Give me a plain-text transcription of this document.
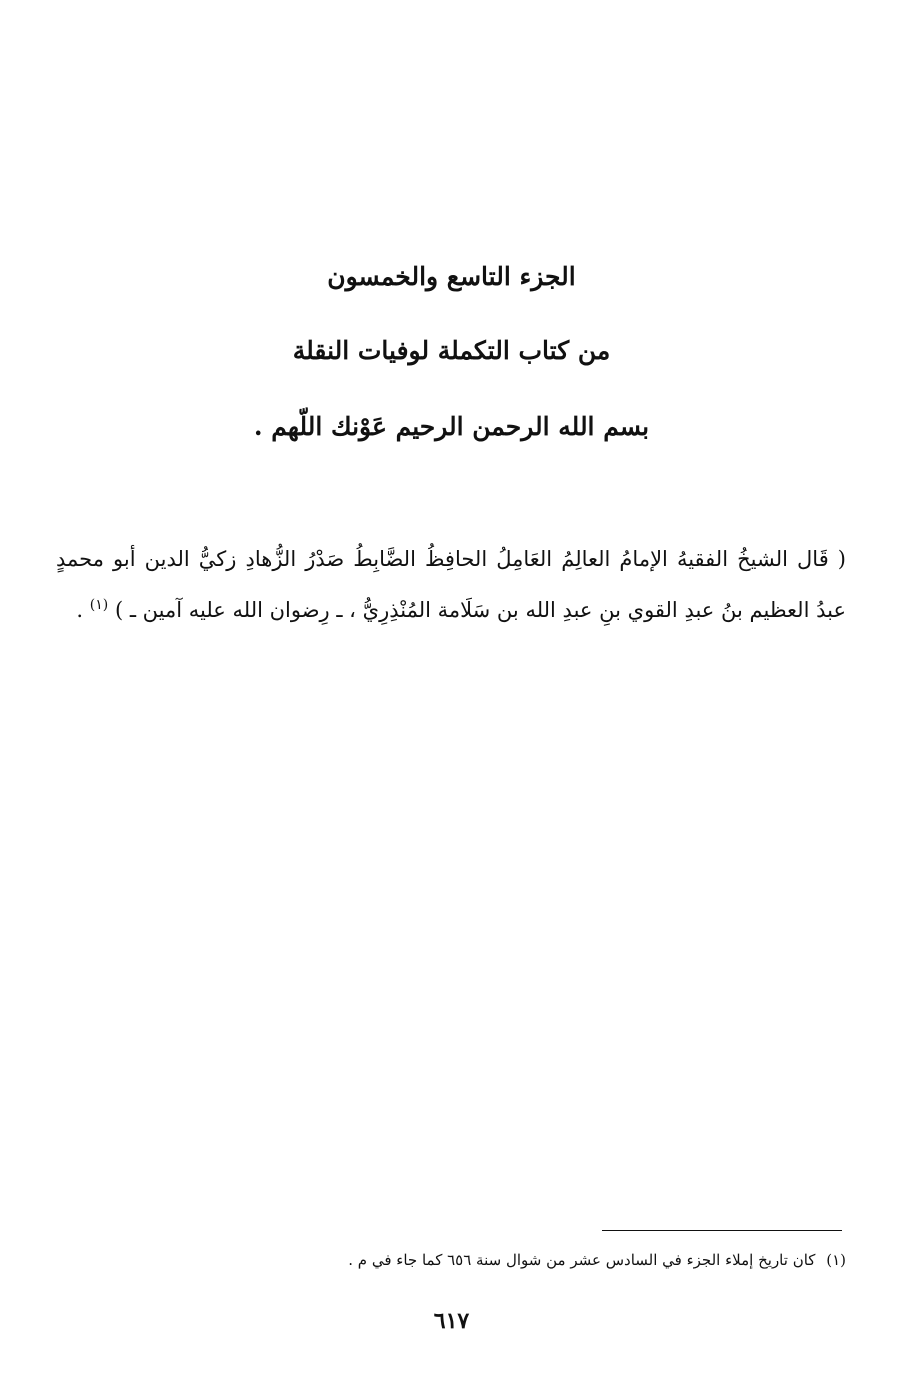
الجزء التاسع والخمسون
من كتاب التكملة لوفيات النقلة
بسم الله الرحمن الرحيم عَوْنك اللّهم .
( قَال الشيخُ الفقيهُ الإمامُ العالِمُ العَامِلُ الحافِظُ الضَّابِطُ صَدْرُ الزُّهادِ زكيُّ الدين أبو محمدٍ عبدُ العظيم بنُ عبدِ القوي بنِ عبدِ الله بن سَلَامة المُنْذِرِيُّ ، ـ رِضوان الله عليه آمين ـ ) $^{(١)}$ .
(١) كان تاريخ إملاء الجزء في السادس عشر من شوال سنة ٦٥٦ كما جاء في م .
٦١٧
